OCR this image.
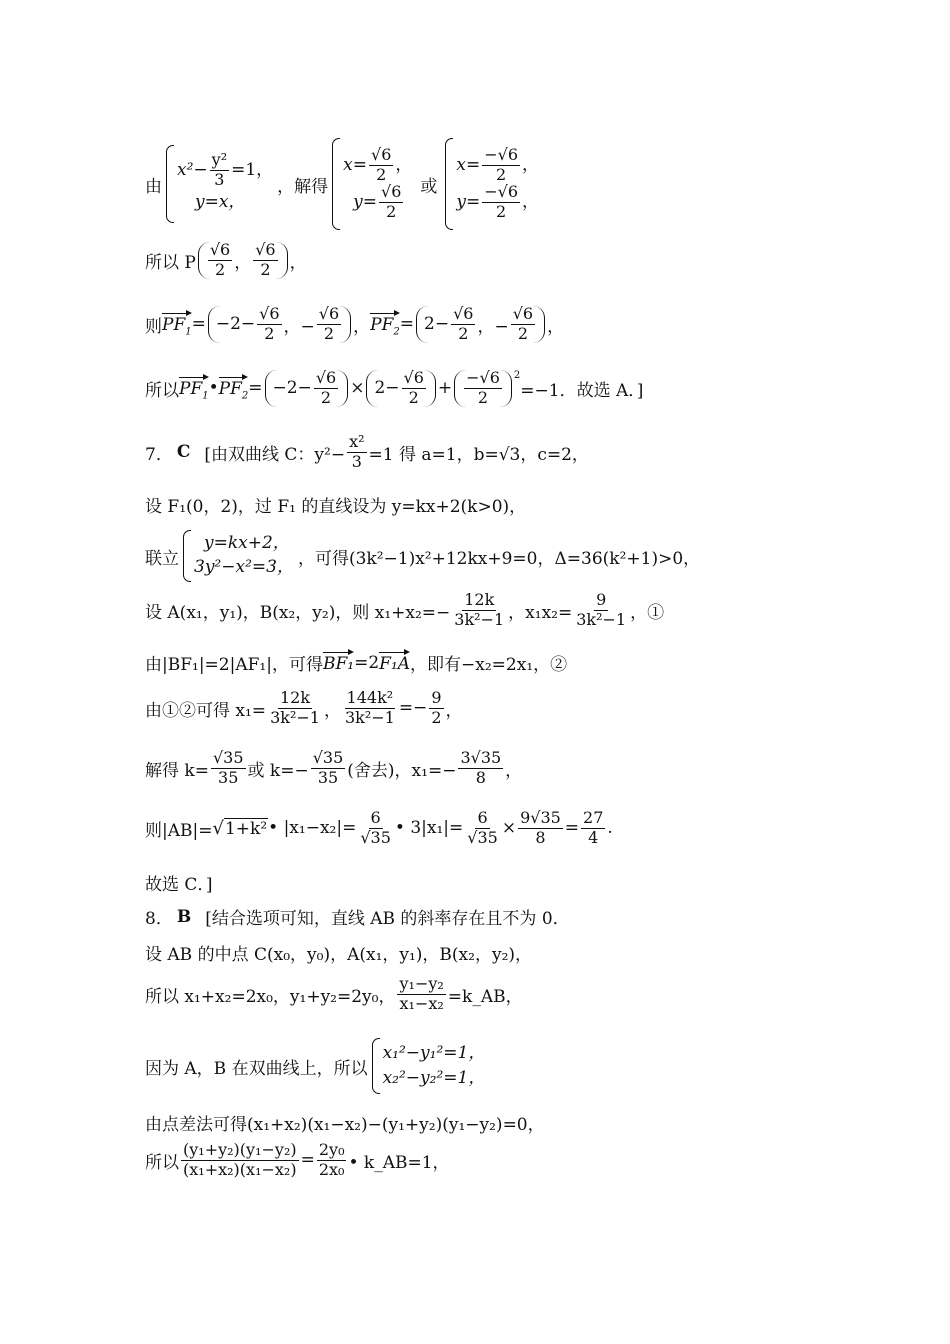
由
$x^2- \frac{\text{y²}}{3} =1$，
y=x，
，解得
$x= \frac{√6}{2}$ ，
$y= \frac{√6}{2}$ 或
$x= \frac{-√6}{2}$ ，
$y= \frac{-√6}{2}$ ，
所以 P $\frac{√6}{2}$ ， $\frac{√6}{2}$ ，
则 $PF_1 = -2- \frac{√6}{2}$ ，− $\frac{√6}{2}$ ， $PF_2 = 2- \frac{√6}{2}$ ，− $\frac{√6}{2}$ ，
所以 $PF_1$ • $PF_2 = -2- \frac{√6}{2} \times 2- \frac{√6}{2} + \frac{-√6}{2} ^2$
=−1．故选 A．]
7． C [由双曲线 C：$y^2- \frac{\text{x²}}{3} =1$ 得 a=1，b=√3，c=2，
设 F₁(0，2)，过 F₁ 的直线设为 y=kx+2(k>0)，
联立
y=kx+2，
3y²−x²=3， ，可得(3k²−1)x²+12kx+9=0，Δ=36(k²+1)>0，
设 A(x₁，y₁)，B(x₂，y₂)，则 $x_1+x_2=- \frac{12k}{\text{3k²−1}}$ ，$x_1x_2= \frac{9}{\text{3k²−1}}$ ，①
由|BF₁|=2|AF₁|，可得 BF₁ =2 F₁A ，即有−x₂=2x₁，②
由①②可得 $x_1= \frac{12k}{\text{3k²−1}}$ ， $\frac{\text{144k²}}{\text{3k²−1}} =- \frac{9}{2}$ ，
解得 $k= \frac{√35}{35}$ 或 $k=- \frac{√35}{35}$ (舍去)，$x_1=- \frac{3√35}{8}$ ，
则|AB|= √ 1+k² • $|x_1-x_2|= \frac{6}{√35}$ • $3|x_1|= \frac{6}{√35} \times \frac{9√35}{8} = \frac{27}{4}$ .
故选 C．]
8． B [结合选项可知，直线 AB 的斜率存在且不为 0．
设 AB 的中点 C(x₀，y₀)，A(x₁，y₁)，B(x₂，y₂)，
所以 x₁+x₂=2x₀，y₁+y₂=2y₀， $\frac{\text{y₁−y₂}}{\text{x₁−x₂}}$ =k_AB，
因为 A，B 在双曲线上，所以
x₁²−y₁²=1，
x₂²−y₂²=1，
由点差法可得(x₁+x₂)(x₁−x₂)−(y₁+y₂)(y₁−y₂)=0，
所以 $\frac{\text{(y₁+y₂)(y₁−y₂)}}{\text{(x₁+x₂)(x₁−x₂)}} = \frac{\text{2y₀}}{\text{2x₀}}$ • k_AB=1，
